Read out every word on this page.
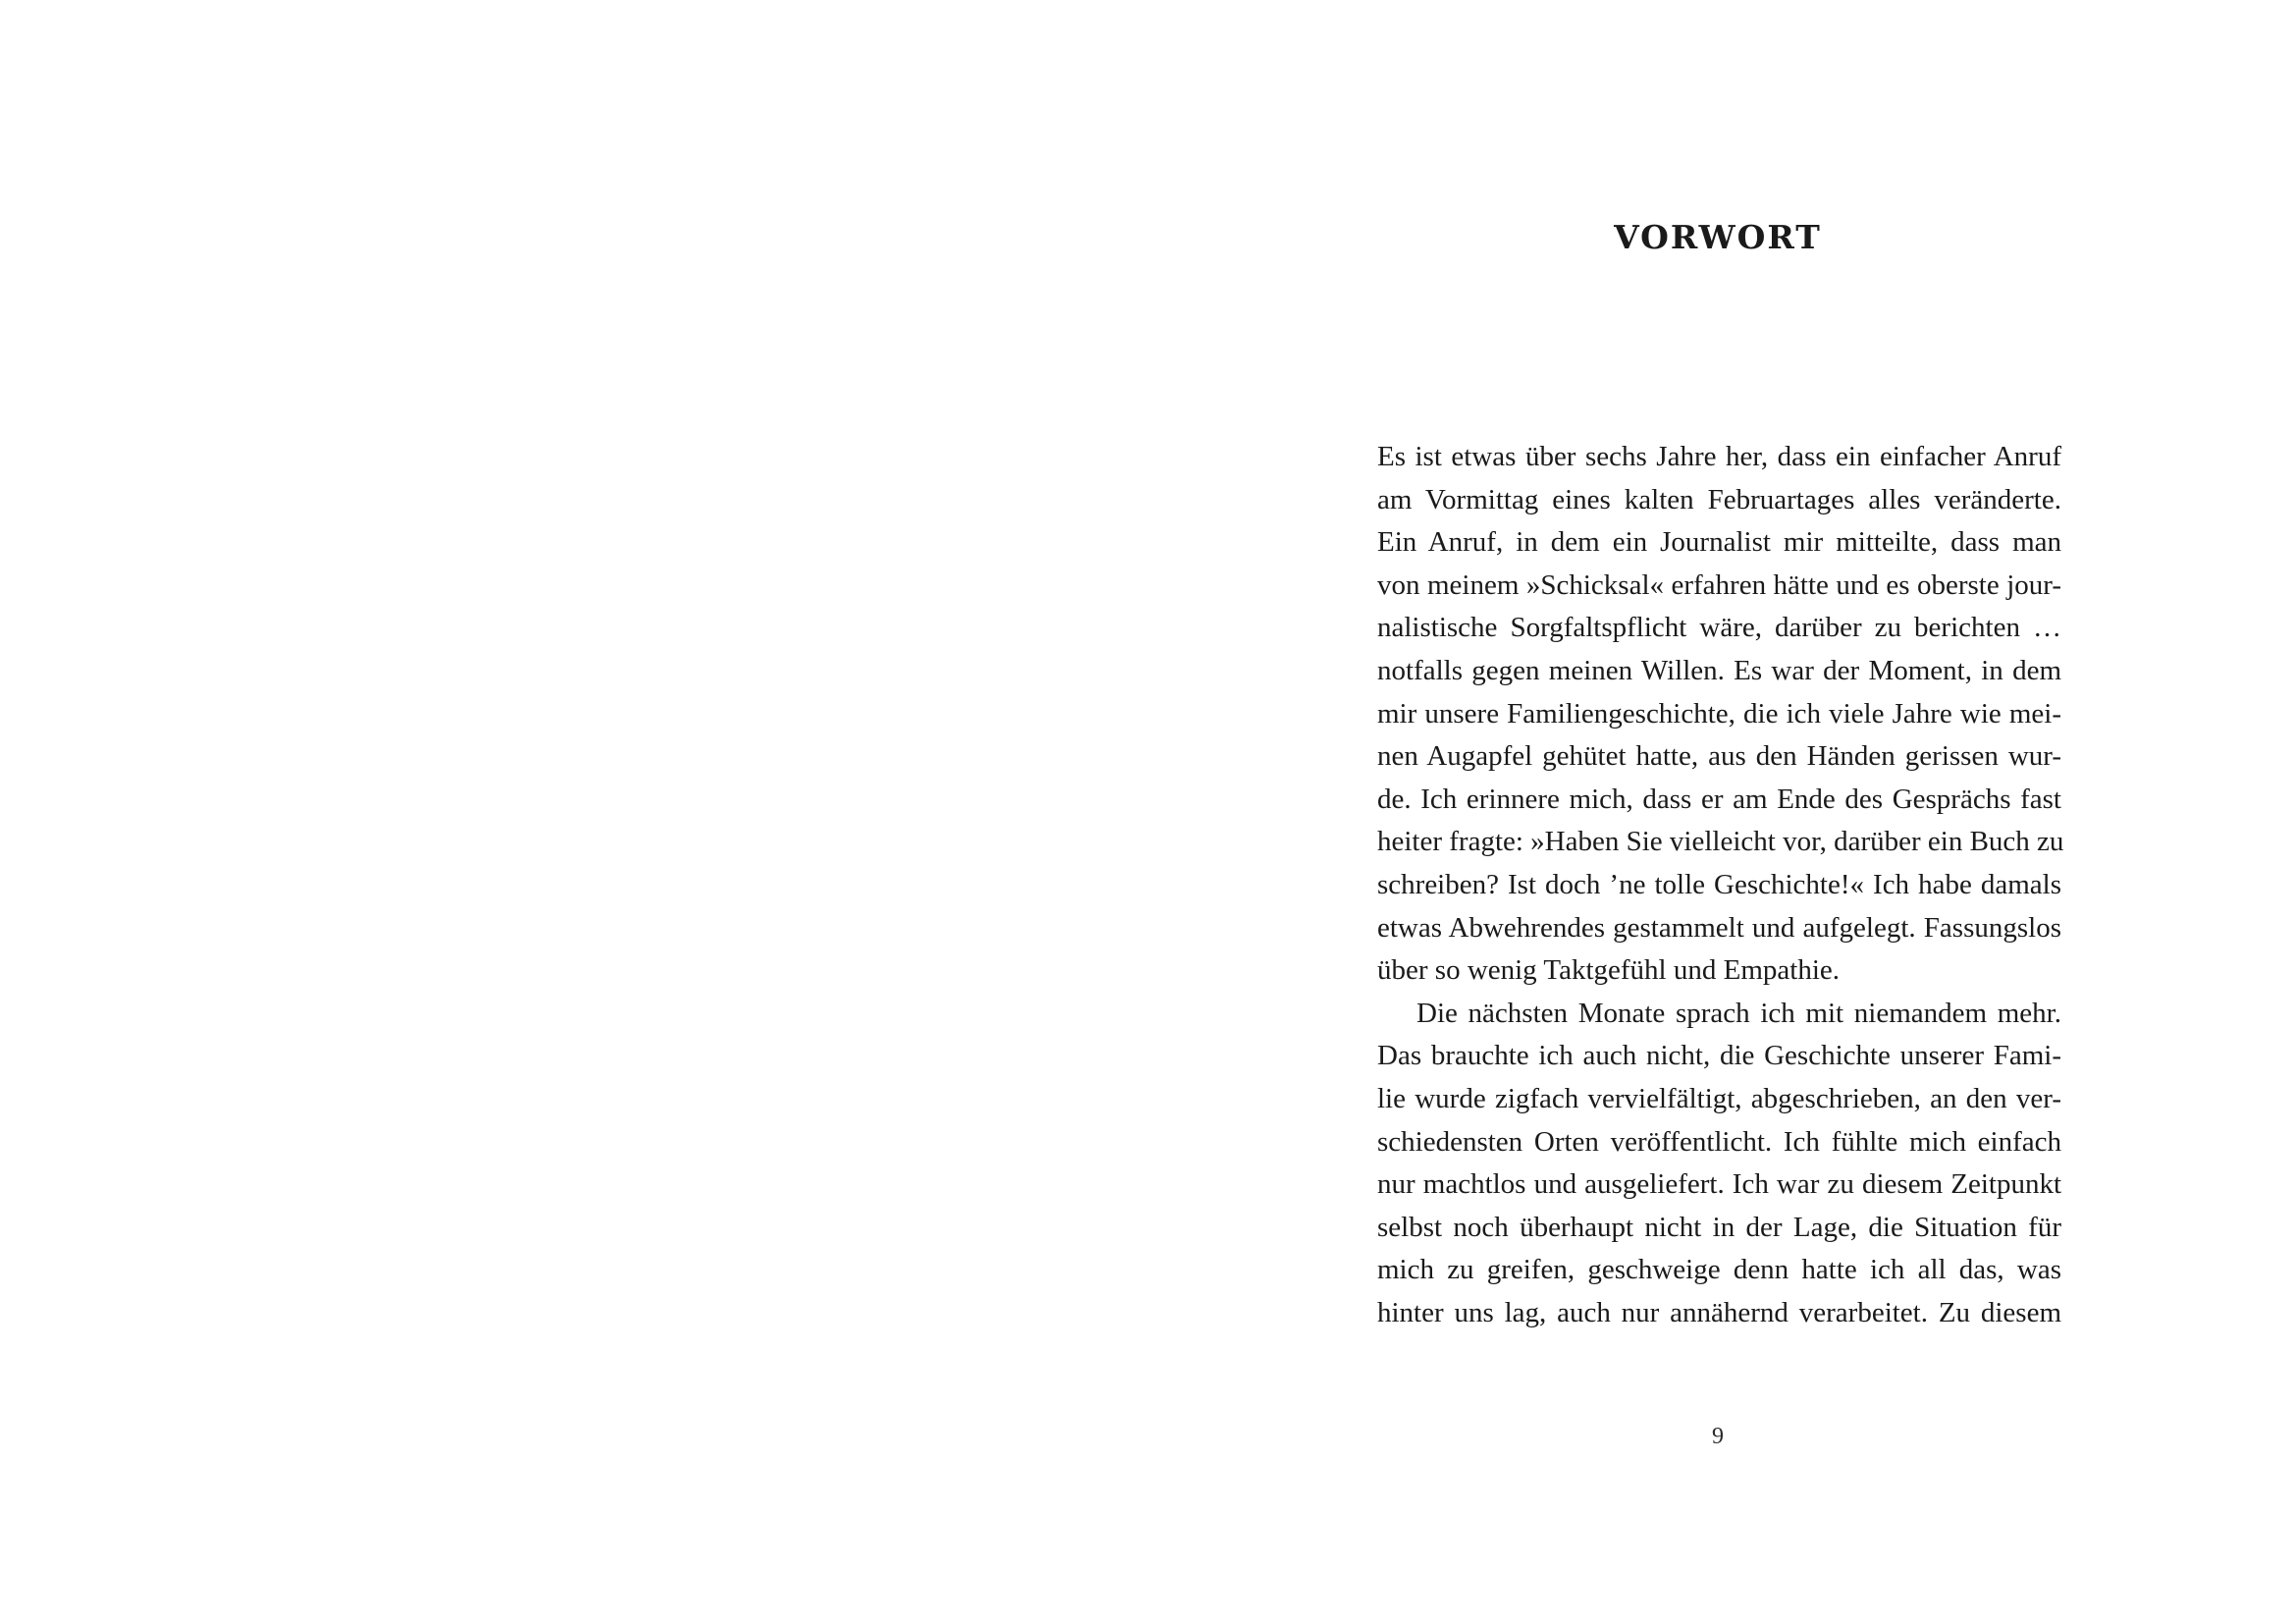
VORWORT
Es ist etwas über sechs Jahre her, dass ein einfacher Anruf
am Vormittag eines kalten Februartages alles veränderte.
Ein Anruf, in dem ein Journalist mir mitteilte, dass man
von meinem »Schicksal« erfahren hätte und es oberste jour-
nalistische Sorgfaltspflicht wäre, darüber zu berichten …
notfalls gegen meinen Willen. Es war der Moment, in dem
mir unsere Familiengeschichte, die ich viele Jahre wie mei-
nen Augapfel gehütet hatte, aus den Händen gerissen wur-
de. Ich erinnere mich, dass er am Ende des Gesprächs fast
heiter fragte: »Haben Sie vielleicht vor, darüber ein Buch zu
schreiben? Ist doch ’ne tolle Geschichte!« Ich habe damals
etwas Abwehrendes gestammelt und aufgelegt. Fassungslos
über so wenig Taktgefühl und Empathie.
Die nächsten Monate sprach ich mit niemandem mehr.
Das brauchte ich auch nicht, die Geschichte unserer Fami-
lie wurde zigfach vervielfältigt, abgeschrieben, an den ver-
schiedensten Orten veröffentlicht. Ich fühlte mich einfach
nur machtlos und ausgeliefert. Ich war zu diesem Zeitpunkt
selbst noch überhaupt nicht in der Lage, die Situation für
mich zu greifen, geschweige denn hatte ich all das, was
hinter uns lag, auch nur annähernd verarbeitet. Zu diesem

9
